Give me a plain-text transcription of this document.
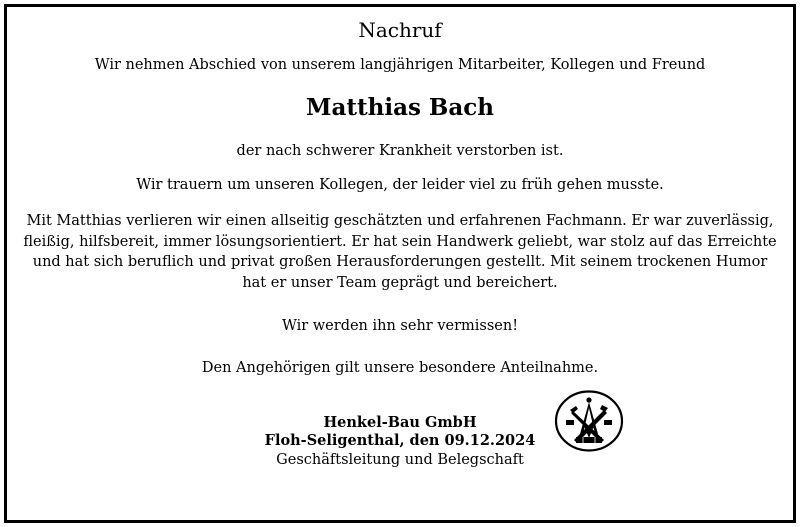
Nachruf
Wir nehmen Abschied von unserem langjährigen Mitarbeiter, Kollegen und Freund
Matthias Bach
der nach schwerer Krankheit verstorben ist.
Wir trauern um unseren Kollegen, der leider viel zu früh gehen musste.
Mit Matthias verlieren wir einen allseitig geschätzten und erfahrenen Fachmann. Er war zuverlässig,
fleißig, hilfsbereit, immer lösungsorientiert. Er hat sein Handwerk geliebt, war stolz auf das Erreichte
und hat sich beruflich und privat großen Herausforderungen gestellt. Mit seinem trockenen Humor
hat er unser Team geprägt und bereichert.
Wir werden ihn sehr vermissen!
Den Angehörigen gilt unsere besondere Anteilnahme.
Henkel-Bau GmbH
Floh-Seligenthal, den 09.12.2024
Geschäftsleitung und Belegschaft
